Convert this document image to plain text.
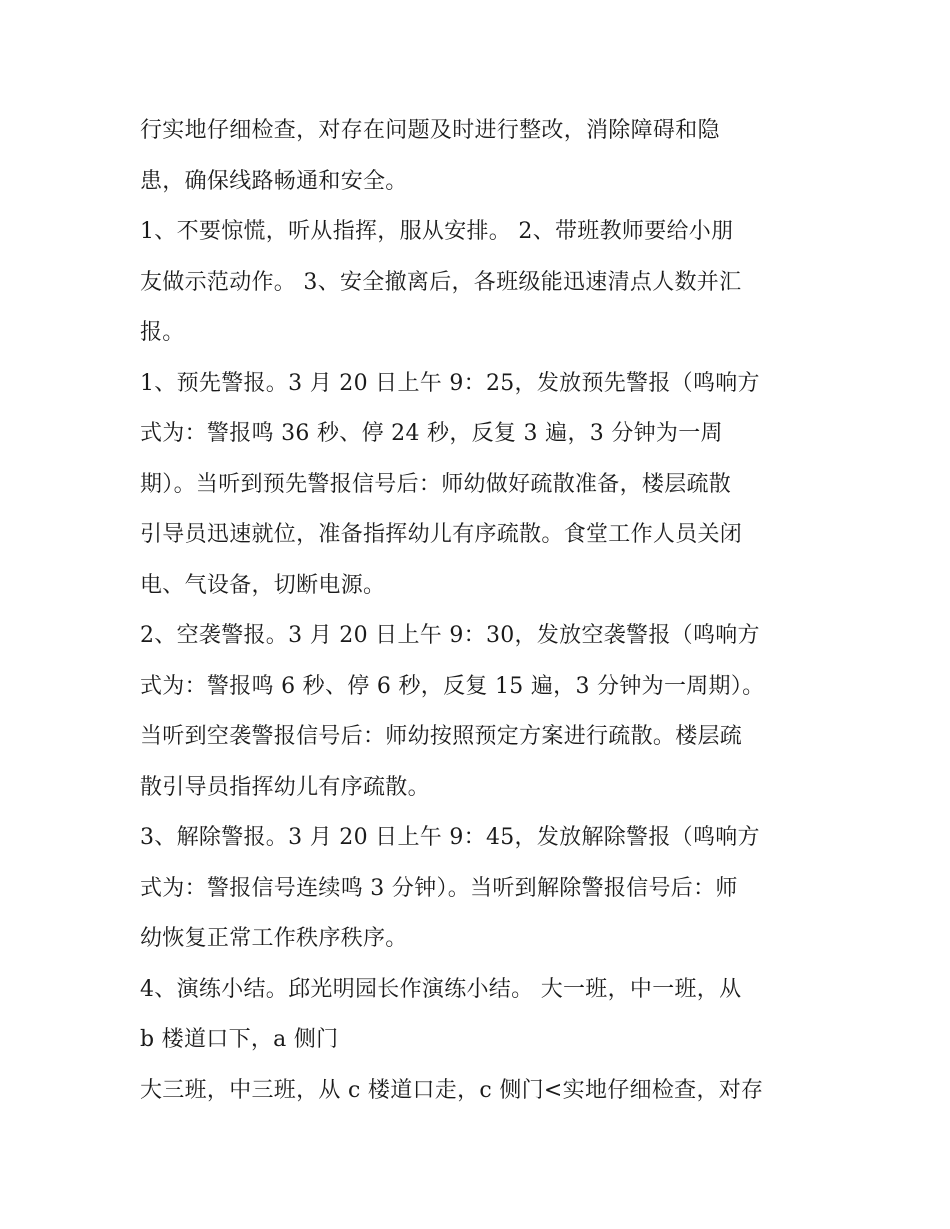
行实地仔细检查，对存在问题及时进行整改，消除障碍和隐
患，确保线路畅通和安全。
1、不要惊慌，听从指挥，服从安排。 2、带班教师要给小朋
友做示范动作。 3、安全撤离后，各班级能迅速清点人数并汇
报。
1、预先警报。3 月 20 日上午 9：25，发放预先警报（鸣响方
式为：警报鸣 36 秒、停 24 秒，反复 3 遍，3 分钟为一周
期）。当听到预先警报信号后：师幼做好疏散准备，楼层疏散
引导员迅速就位，准备指挥幼儿有序疏散。食堂工作人员关闭
电、气设备，切断电源。
2、空袭警报。3 月 20 日上午 9：30，发放空袭警报（鸣响方
式为：警报鸣 6 秒、停 6 秒，反复 15 遍，3 分钟为一周期）。
当听到空袭警报信号后：师幼按照预定方案进行疏散。楼层疏
散引导员指挥幼儿有序疏散。
3、解除警报。3 月 20 日上午 9：45，发放解除警报（鸣响方
式为：警报信号连续鸣 3 分钟）。当听到解除警报信号后：师
幼恢复正常工作秩序秩序。
4、演练小结。邱光明园长作演练小结。 大一班，中一班，从
b 楼道口下，a 侧门
大三班，中三班，从 c 楼道口走，c 侧门<实地仔细检查，对存
